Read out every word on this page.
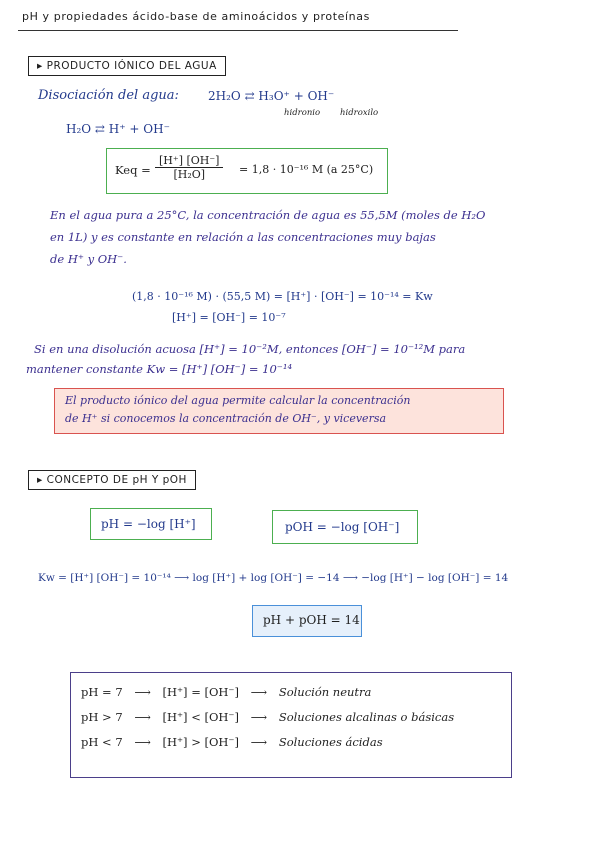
pH y propiedades ácido-base de aminoácidos y proteínas
▸ PRODUCTO IÓNICO DEL AGUA
Disociación del agua: 2H₂O ⇄ H₃O⁺ + OH⁻
hidronio hidroxilo
H₂O ⇄ H⁺ + OH⁻
Keq = $\frac{[H^+] [OH^-]}{\text{[H₂O]}} = 1,8 \cdot 10^{-16}$ M (a 25°C)
En el agua pura a 25°C, la concentración de agua es 55,5M (moles de H₂O
en 1L) y es constante en relación a las concentraciones muy bajas
de H⁺ y OH⁻.
(1,8 · 10⁻¹⁶ M) · (55,5 M) = [H⁺] · [OH⁻] = 10⁻¹⁴ = Kw
[H⁺] = [OH⁻] = 10⁻⁷
Si en una disolución acuosa [H⁺] = 10⁻²M, entonces [OH⁻] = 10⁻¹²M para
mantener constante Kw = [H⁺] [OH⁻] = 10⁻¹⁴
El producto iónico del agua permite calcular la concentración
de H⁺ si conocemos la concentración de OH⁻, y viceversa
▸ CONCEPTO DE pH Y pOH
pH = −log [H⁺]	pOH = −log [OH⁻]
Kw = [H⁺] [OH⁻] = 10⁻¹⁴ ⟶ log [H⁺] + log [OH⁻] = −14 ⟶ −log [H⁺] − log [OH⁻] = 14
pH + pOH = 14
pH = 7 ⟶ [H⁺] = [OH⁻] ⟶ Solución neutra
pH > 7 ⟶ [H⁺] < [OH⁻] ⟶ Soluciones alcalinas o básicas
pH < 7 ⟶ [H⁺] > [OH⁻] ⟶ Soluciones ácidas
